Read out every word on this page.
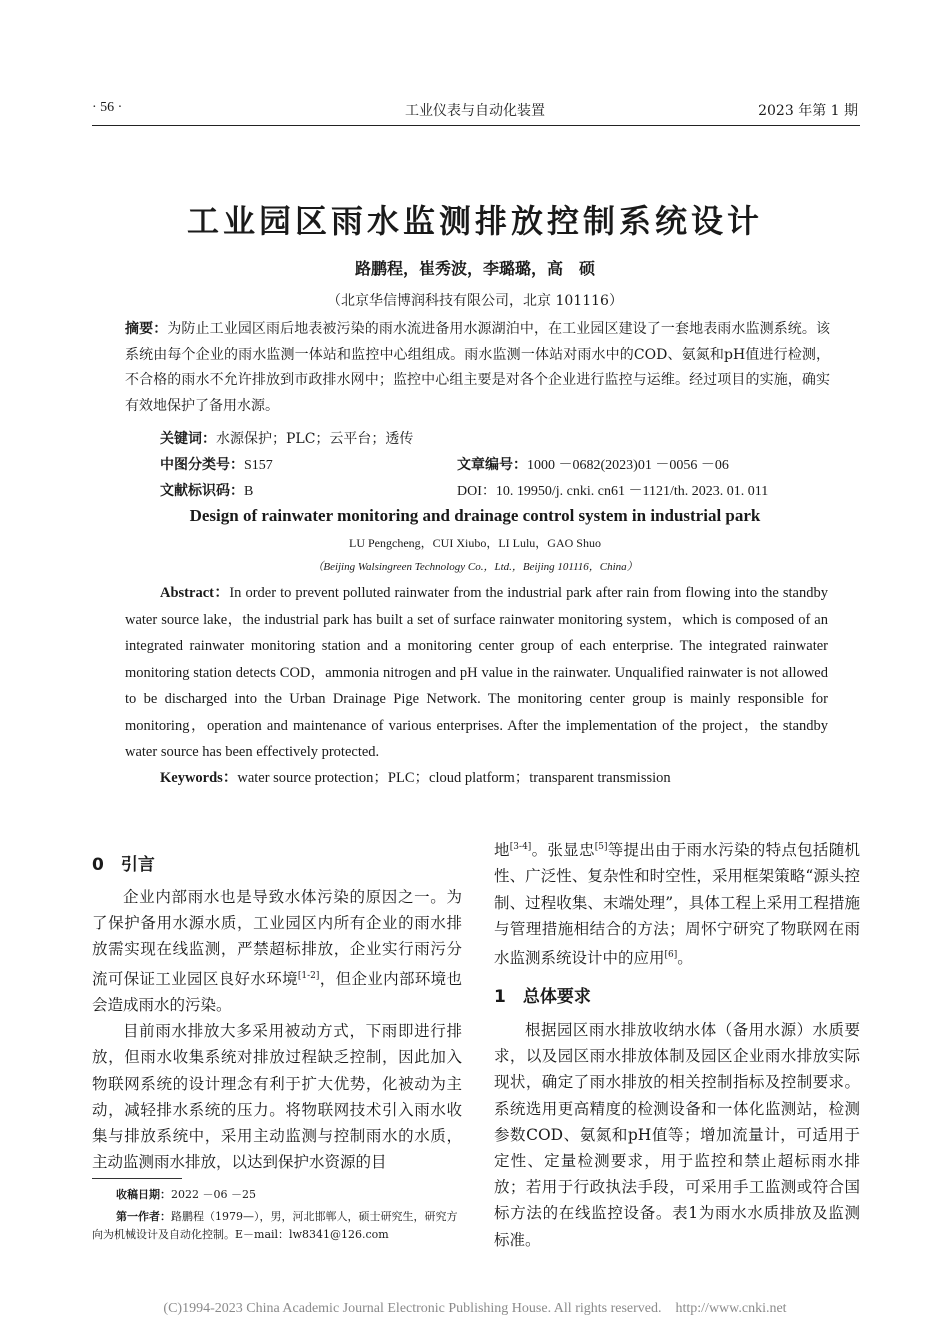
· 56 ·	工业仪表与自动化装置	2023 年第 1 期
工业园区雨水监测排放控制系统设计
路鹏程，崔秀波，李璐璐，高　硕
（北京华信博润科技有限公司，北京 101116）
摘要：为防止工业园区雨后地表被污染的雨水流进备用水源湖泊中，在工业园区建设了一套地表雨水监测系统。该系统由每个企业的雨水监测一体站和监控中心组组成。雨水监测一体站对雨水中的COD、氨氮和pH值进行检测，不合格的雨水不允许排放到市政排水网中；监控中心组主要是对各个企业进行监控与运维。经过项目的实施，确实有效地保护了备用水源。
关键词：水源保护；PLC；云平台；透传
中图分类号：S157	文章编号：1000 －0682(2023)01 －0056 －06
文献标识码：B	DOI：10. 19950/j. cnki. cn61 －1121/th. 2023. 01. 011
Design of rainwater monitoring and drainage control system in industrial park
LU Pengcheng，CUI Xiubo，LI Lulu，GAO Shuo
（Beijing Walsingreen Technology Co.，Ltd.，Beijing 101116，China）
Abstract：In order to prevent polluted rainwater from the industrial park after rain from flowing into the standby water source lake，the industrial park has built a set of surface rainwater monitoring system，which is composed of an integrated rainwater monitoring station and a monitoring center group of each enterprise. The integrated rainwater monitoring station detects COD，ammonia nitrogen and pH value in the rainwater. Unqualified rainwater is not allowed to be discharged into the Urban Drainage Pige Network. The monitoring center group is mainly responsible for monitoring，operation and maintenance of various enterprises. After the implementation of the project，the standby water source has been effectively protected.
Keywords：water source protection；PLC；cloud platform；transparent transmission
0　引言

企业内部雨水也是导致水体污染的原因之一。为了保护备用水源水质，工业园区内所有企业的雨水排放需实现在线监测，严禁超标排放，企业实行雨污分流可保证工业园区良好水环境[1-2]，但企业内部环境也会造成雨水的污染。

目前雨水排放大多采用被动方式，下雨即进行排放，但雨水收集系统对排放过程缺乏控制，因此加入物联网系统的设计理念有利于扩大优势，化被动为主动，减轻排水系统的压力。将物联网技术引入雨水收集与排放系统中，采用主动监测与控制雨水的水质，主动监测雨水排放，以达到保护水资源的目

地[3-4]。张显忠[5]等提出由于雨水污染的特点包括随机性、广泛性、复杂性和时空性，采用框架策略“源头控制、过程收集、末端处理”，具体工程上采用工程措施与管理措施相结合的方法；周怀宁研究了物联网在雨水监测系统设计中的应用[6]。

1　总体要求

根据园区雨水排放收纳水体（备用水源）水质要求，以及园区雨水排放体制及园区企业雨水排放实际现状，确定了雨水排放的相关控制指标及控制要求。系统选用更高精度的检测设备和一体化监测站，检测参数COD、氨氮和pH值等；增加流量计，可适用于定性、定量检测要求，用于监控和禁止超标雨水排放；若用于行政执法手段，可采用手工监测或符合国标方法的在线监控设备。表1为雨水水质排放及监测标准。

收稿日期：2022 －06 －25
第一作者：路鹏程（1979—），男，河北邯郸人，硕士研究生，研究方向为机械设计及自动化控制。E－mail：lw8341@126.com
(C)1994-2023 China Academic Journal Electronic Publishing House. All rights reserved.　http://www.cnki.net
